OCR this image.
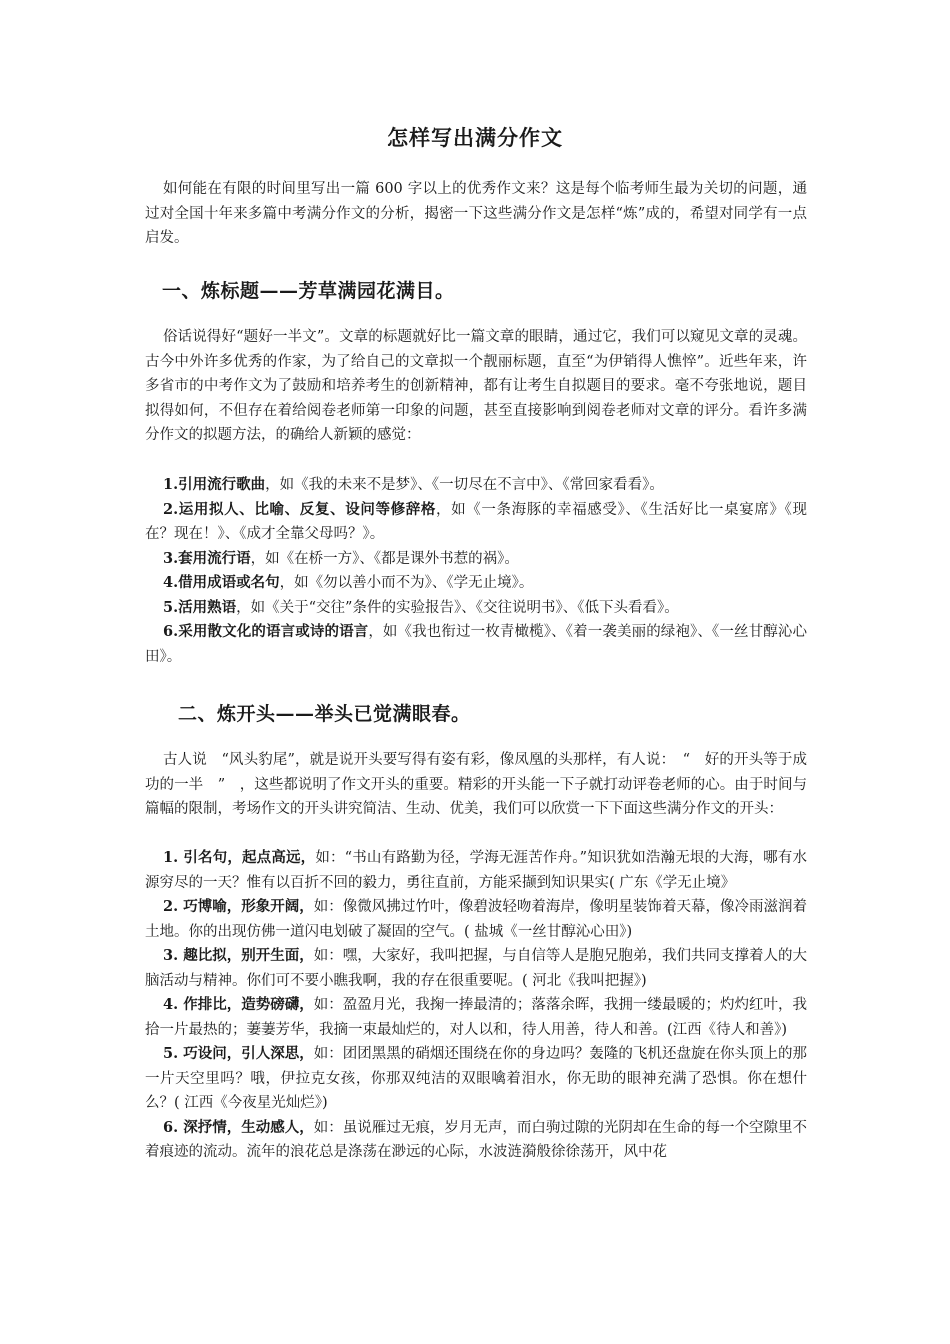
怎样写出满分作文
如何能在有限的时间里写出一篇 600 字以上的优秀作文来？这是每个临考师生最为关切的问题，通过对全国十年来多篇中考满分作文的分析，揭密一下这些满分作文是怎样“炼”成的，希望对同学有一点启发。
一、炼标题——芳草满园花满目。
俗话说得好“题好一半文”。文章的标题就好比一篇文章的眼睛，通过它，我们可以窥见文章的灵魂。古今中外许多优秀的作家，为了给自己的文章拟一个靓丽标题，直至“为伊销得人憔悴”。近些年来，许多省市的中考作文为了鼓励和培养考生的创新精神，都有让考生自拟题目的要求。毫不夸张地说，题目拟得如何，不但存在着给阅卷老师第一印象的问题，甚至直接影响到阅卷老师对文章的评分。看许多满分作文的拟题方法，的确给人新颖的感觉：
1.引用流行歌曲，如《我的未来不是梦》、《一切尽在不言中》、《常回家看看》。
2.运用拟人、比喻、反复、设问等修辞格，如《一条海豚的幸福感受》、《生活好比一桌宴席》《现在？现在！》、《成才全靠父母吗？》。
3.套用流行语，如《在桥一方》、《都是课外书惹的祸》。
4.借用成语或名句，如《勿以善小而不为》、《学无止境》。
5.活用熟语，如《关于“交往”条件的实验报告》、《交往说明书》、《低下头看看》。
6.采用散文化的语言或诗的语言，如《我也衔过一枚青橄榄》、《着一袭美丽的绿袍》、《一丝甘醇沁心田》。
二、炼开头——举头已觉满眼春。
古人说　“风头豹尾”，就是说开头要写得有姿有彩，像凤凰的头那样，有人说：　“　好的开头等于成功的一半　”　，这些都说明了作文开头的重要。精彩的开头能一下子就打动评卷老师的心。由于时间与篇幅的限制，考场作文的开头讲究简洁、生动、优美，我们可以欣赏一下下面这些满分作文的开头：
1. 引名句，起点高远，如：“书山有路勤为径，学海无涯苦作舟。”知识犹如浩瀚无垠的大海，哪有水源穷尽的一天？惟有以百折不回的毅力，勇往直前，方能采撷到知识果实( 广东《学无止境》
2. 巧博喻，形象开阔，如：像微风拂过竹叶，像碧波轻吻着海岸，像明星装饰着天幕，像冷雨滋润着土地。你的出现仿佛一道闪电划破了凝固的空气。( 盐城《一丝甘醇沁心田》)
3. 趣比拟，别开生面，如：嘿，大家好，我叫把握，与自信等人是胞兄胞弟，我们共同支撑着人的大脑活动与精神。你们可不要小瞧我啊，我的存在很重要呢。( 河北《我叫把握》)
4. 作排比，造势磅礴，如：盈盈月光，我掬一捧最清的；落落余晖，我拥一缕最暖的；灼灼红叶，我拾一片最热的；萋萋芳华，我摘一束最灿烂的，对人以和，待人用善，待人和善。(江西《待人和善》)
5. 巧设问，引人深思，如：团团黑黑的硝烟还围绕在你的身边吗？轰隆的飞机还盘旋在你头顶上的那一片天空里吗？哦，伊拉克女孩，你那双纯洁的双眼噙着泪水，你无助的眼神充满了恐惧。你在想什么？( 江西《今夜星光灿烂》)
6. 深抒情，生动感人，如：虽说雁过无痕，岁月无声，而白驹过隙的光阴却在生命的每一个空隙里不着痕迹的流动。流年的浪花总是涤荡在渺远的心际，水波涟漪般徐徐荡开，风中花
